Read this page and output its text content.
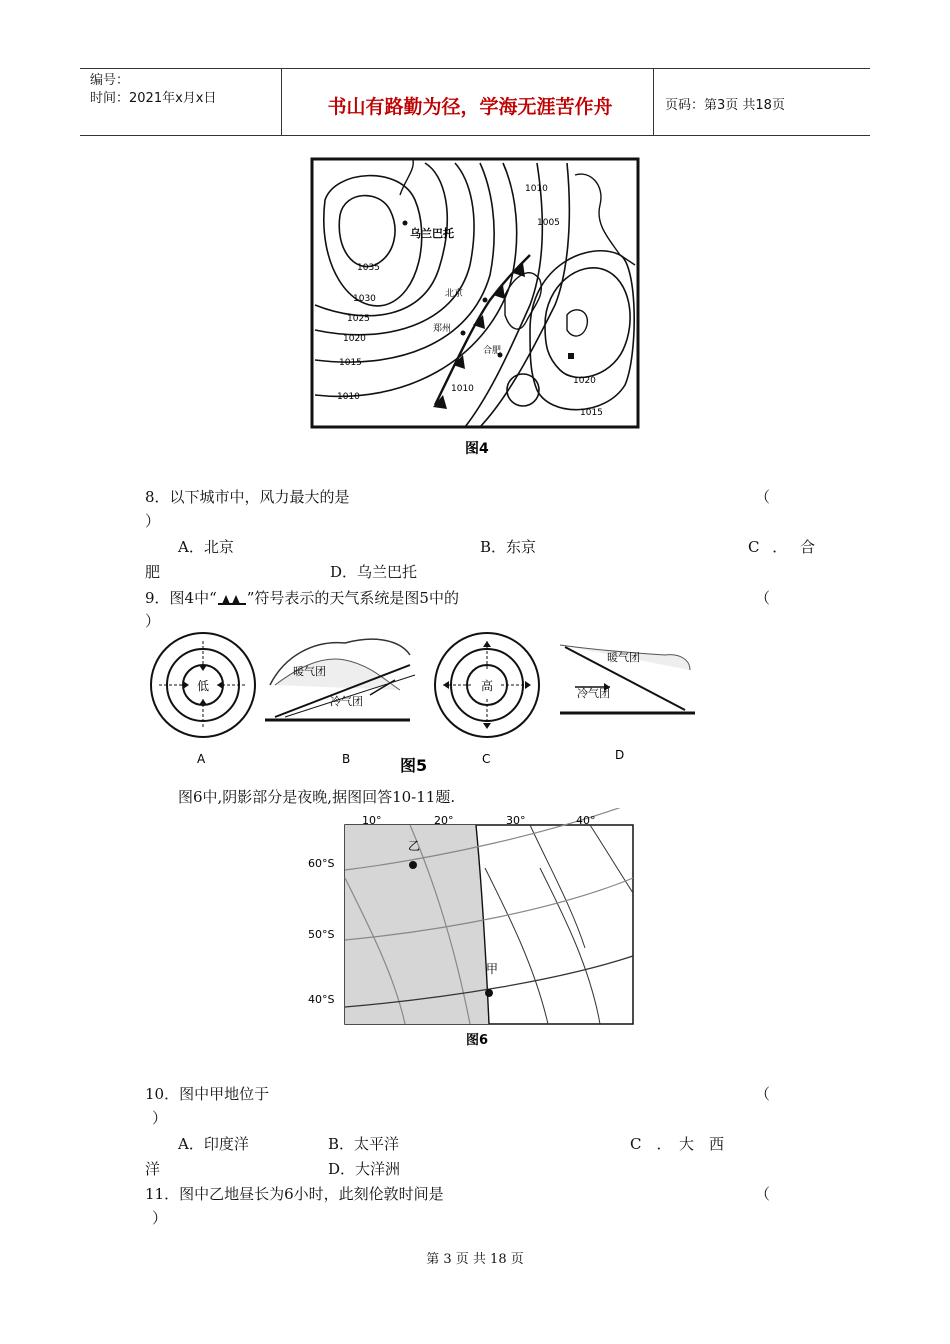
编号：
时间：2021年x月x日	书山有路勤为径，学海无涯苦作舟	页码：第3页 共18页
乌兰巴托
北京
郑州
合肥
1010
1005
1035
1030
1025
1020
1015
1010
1010
1020
1015
图4
8．以下城市中，风力最大的是	（
）
A．北京	B．东京	C ． 合
肥	D．乌兰巴托
9．图4中“ ”符号表示的天气系统是图5中的	（
）
低
A
暖气团
冷气团
B
高
C
暖气团
冷气团
D
图5
图6中,阴影部分是夜晚,据图回答10-11题.
乙
甲
10°	20°	30°	40°
60°S
50°S
40°S
图6
10．图中甲地位于	（
）
A．印度洋	B．太平洋	C　．　大　西
洋	D．大洋洲
11．图中乙地昼长为6小时，此刻伦敦时间是	（
）
第 3 页 共 18 页
